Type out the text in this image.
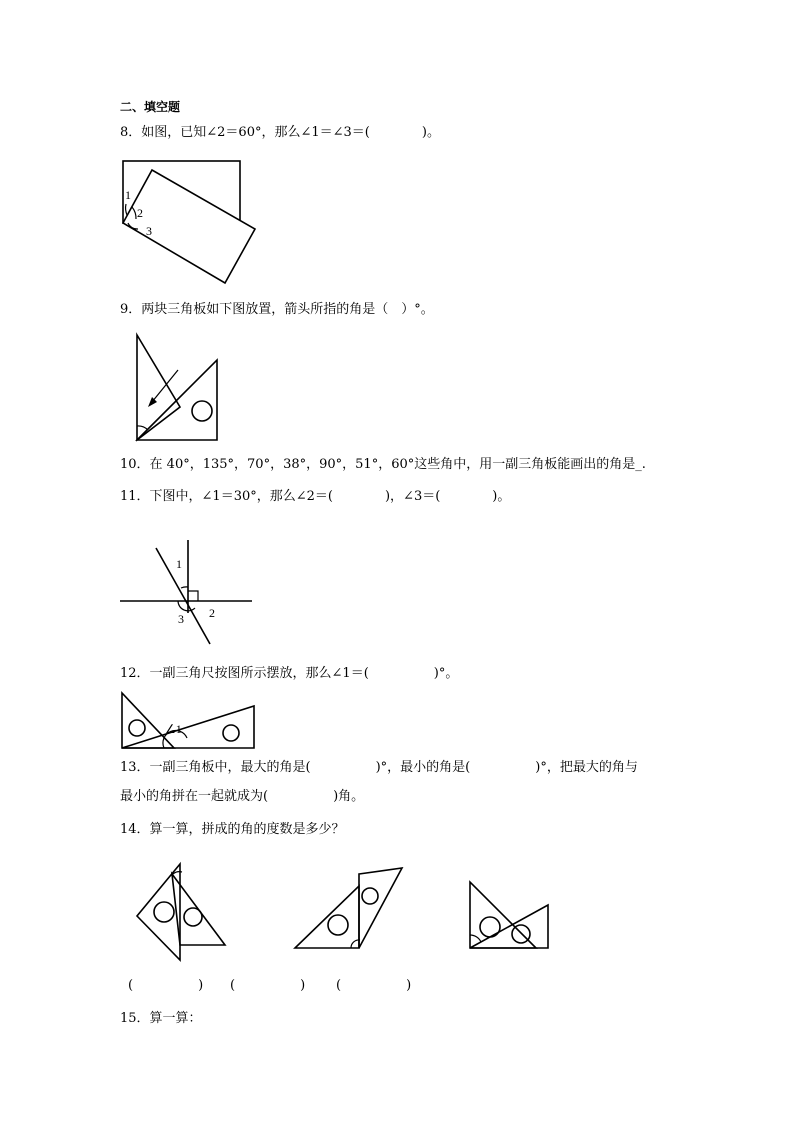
二、填空题
8．如图，已知∠2＝60°，那么∠1＝∠3＝(　　　　)。
1
2
3
9．两块三角板如下图放置，箭头所指的角是（　）°。
10．在 40°，135°，70°，38°，90°，51°，60°这些角中，用一副三角板能画出的角是_.
11．下图中，∠1＝30°，那么∠2＝(　　　　)，∠3＝(　　　　)。
1
2
3
12．一副三角尺按图所示摆放，那么∠1＝(　　　　　)°。
∠1
13．一副三角板中，最大的角是(　　　　　)°，最小的角是(　　　　　)°，把最大的角与
最小的角拼在一起就成为(　　　　　)角。
14．算一算，拼成的角的度数是多少？
(　　　　　) (　　　　　) (　　　　　)
15．算一算：
